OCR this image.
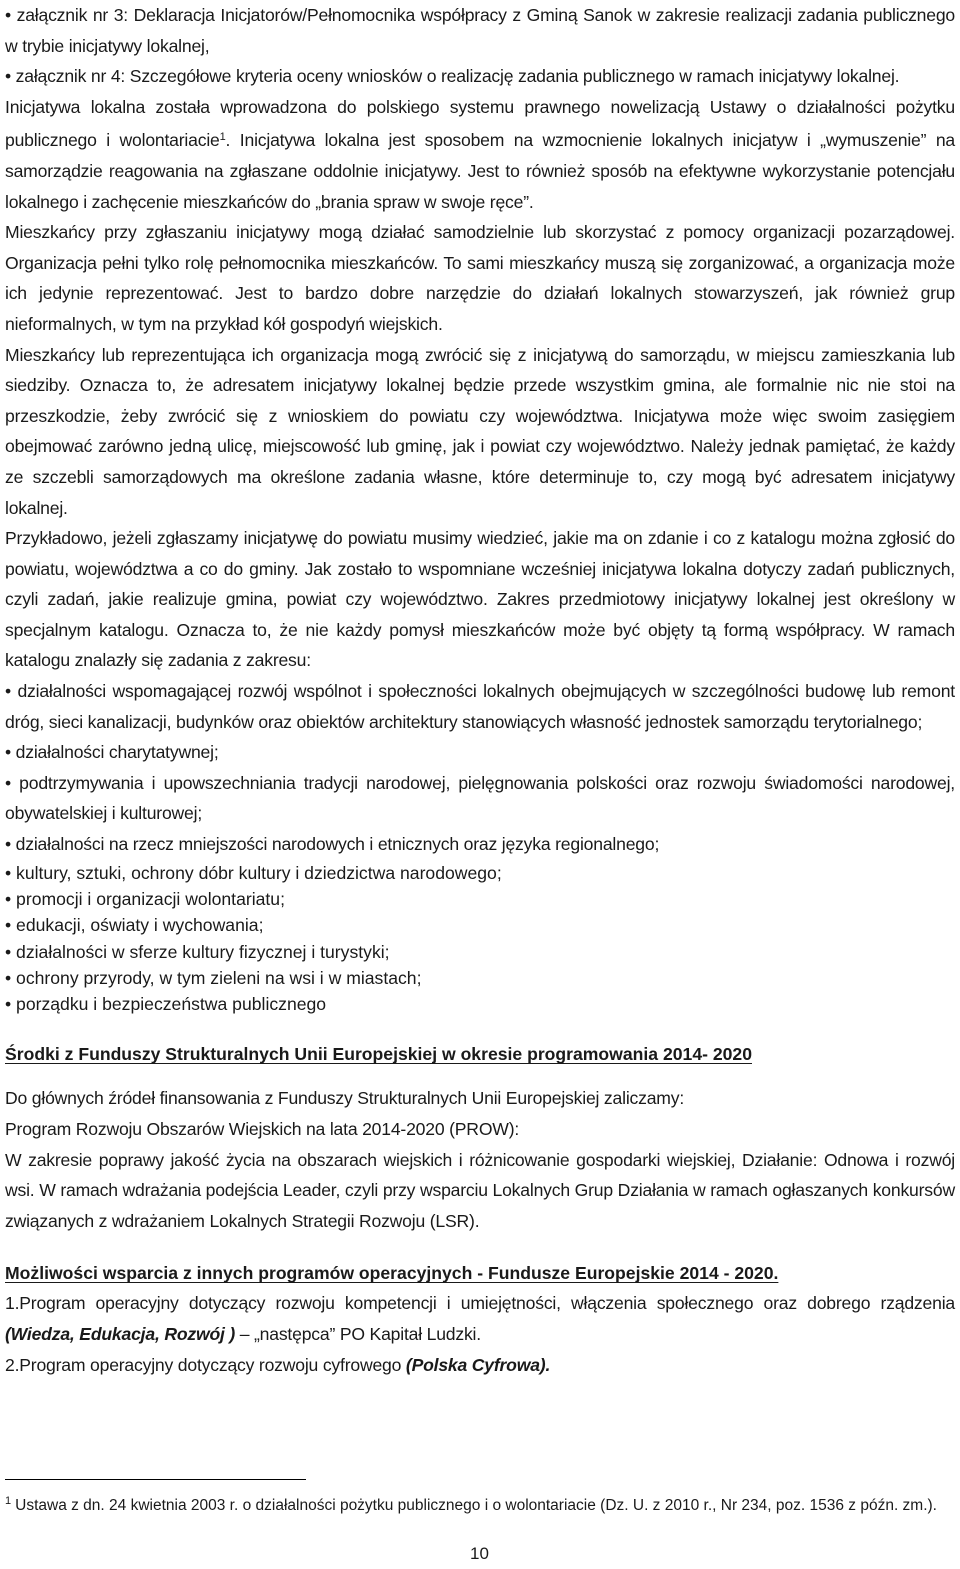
• załącznik nr 3: Deklaracja Inicjatorów/Pełnomocnika współpracy z Gminą Sanok w zakresie realizacji zadania publicznego w trybie inicjatywy lokalnej,

• załącznik nr 4: Szczegółowe kryteria oceny wniosków o realizację zadania publicznego w ramach inicjatywy lokalnej.

Inicjatywa lokalna została wprowadzona do polskiego systemu prawnego nowelizacją Ustawy o działalności pożytku publicznego i wolontariacie$^1$. Inicjatywa lokalna jest sposobem na wzmocnienie lokalnych inicjatyw i „wymuszenie” na samorządzie reagowania na zgłaszane oddolnie inicjatywy. Jest to również sposób na efektywne wykorzystanie potencjału lokalnego i zachęcenie mieszkańców do „brania spraw w swoje ręce”.

Mieszkańcy przy zgłaszaniu inicjatywy mogą działać samodzielnie lub skorzystać z pomocy organizacji pozarządowej. Organizacja pełni tylko rolę pełnomocnika mieszkańców. To sami mieszkańcy muszą się zorganizować, a organizacja może ich jedynie reprezentować. Jest to bardzo dobre narzędzie do działań lokalnych stowarzyszeń, jak również grup nieformalnych, w tym na przykład kół gospodyń wiejskich.

Mieszkańcy lub reprezentująca ich organizacja mogą zwrócić się z inicjatywą do samorządu, w miejscu zamieszkania lub siedziby. Oznacza to, że adresatem inicjatywy lokalnej będzie przede wszystkim gmina, ale formalnie nic nie stoi na przeszkodzie, żeby zwrócić się z wnioskiem do powiatu czy województwa. Inicjatywa może więc swoim zasięgiem obejmować zarówno jedną ulicę, miejscowość lub gminę, jak i powiat czy województwo. Należy jednak pamiętać, że każdy ze szczebli samorządowych ma określone zadania własne, które determinuje to, czy mogą być adresatem inicjatywy lokalnej.

Przykładowo, jeżeli zgłaszamy inicjatywę do powiatu musimy wiedzieć, jakie ma on zdanie i co z katalogu można zgłosić do powiatu, województwa a co do gminy. Jak zostało to wspomniane wcześniej inicjatywa lokalna dotyczy zadań publicznych, czyli zadań, jakie realizuje gmina, powiat czy województwo. Zakres przedmiotowy inicjatywy lokalnej jest określony w specjalnym katalogu. Oznacza to, że nie każdy pomysł mieszkańców może być objęty tą formą współpracy. W ramach katalogu znalazły się zadania z zakresu:

• działalności wspomagającej rozwój wspólnot i społeczności lokalnych obejmujących w szczególności budowę lub remont dróg, sieci kanalizacji, budynków oraz obiektów architektury stanowiących własność jednostek samorządu terytorialnego;

• działalności charytatywnej;

• podtrzymywania i upowszechniania tradycji narodowej, pielęgnowania polskości oraz rozwoju świadomości narodowej, obywatelskiej i kulturowej;

• działalności na rzecz mniejszości narodowych i etnicznych oraz języka regionalnego;

• kultury, sztuki, ochrony dóbr kultury i dziedzictwa narodowego;

• promocji i organizacji wolontariatu;

• edukacji, oświaty i wychowania;

• działalności w sferze kultury fizycznej i turystyki;

• ochrony przyrody, w tym zieleni na wsi i w miastach;

• porządku i bezpieczeństwa publicznego

Środki z Funduszy Strukturalnych Unii Europejskiej w okresie programowania 2014- 2020

Do głównych źródeł finansowania z Funduszy Strukturalnych Unii Europejskiej zaliczamy:

Program Rozwoju Obszarów Wiejskich na lata 2014-2020 (PROW):

W zakresie poprawy jakość życia na obszarach wiejskich i różnicowanie gospodarki wiejskiej, Działanie: Odnowa i rozwój wsi. W ramach wdrażania podejścia Leader, czyli przy wsparciu Lokalnych Grup Działania w ramach ogłaszanych konkursów związanych z wdrażaniem Lokalnych Strategii Rozwoju (LSR).

Możliwości wsparcia z innych programów operacyjnych - Fundusze Europejskie 2014 - 2020.

1.Program operacyjny dotyczący rozwoju kompetencji i umiejętności, włączenia społecznego oraz dobrego rządzenia (Wiedza, Edukacja, Rozwój ) – „następca” PO Kapitał Ludzki.

2.Program operacyjny dotyczący rozwoju cyfrowego (Polska Cyfrowa).

$^1$ Ustawa z dn. 24 kwietnia 2003 r. o działalności pożytku publicznego i o wolontariacie (Dz. U. z 2010 r., Nr 234, poz. 1536 z późn. zm.).

10
